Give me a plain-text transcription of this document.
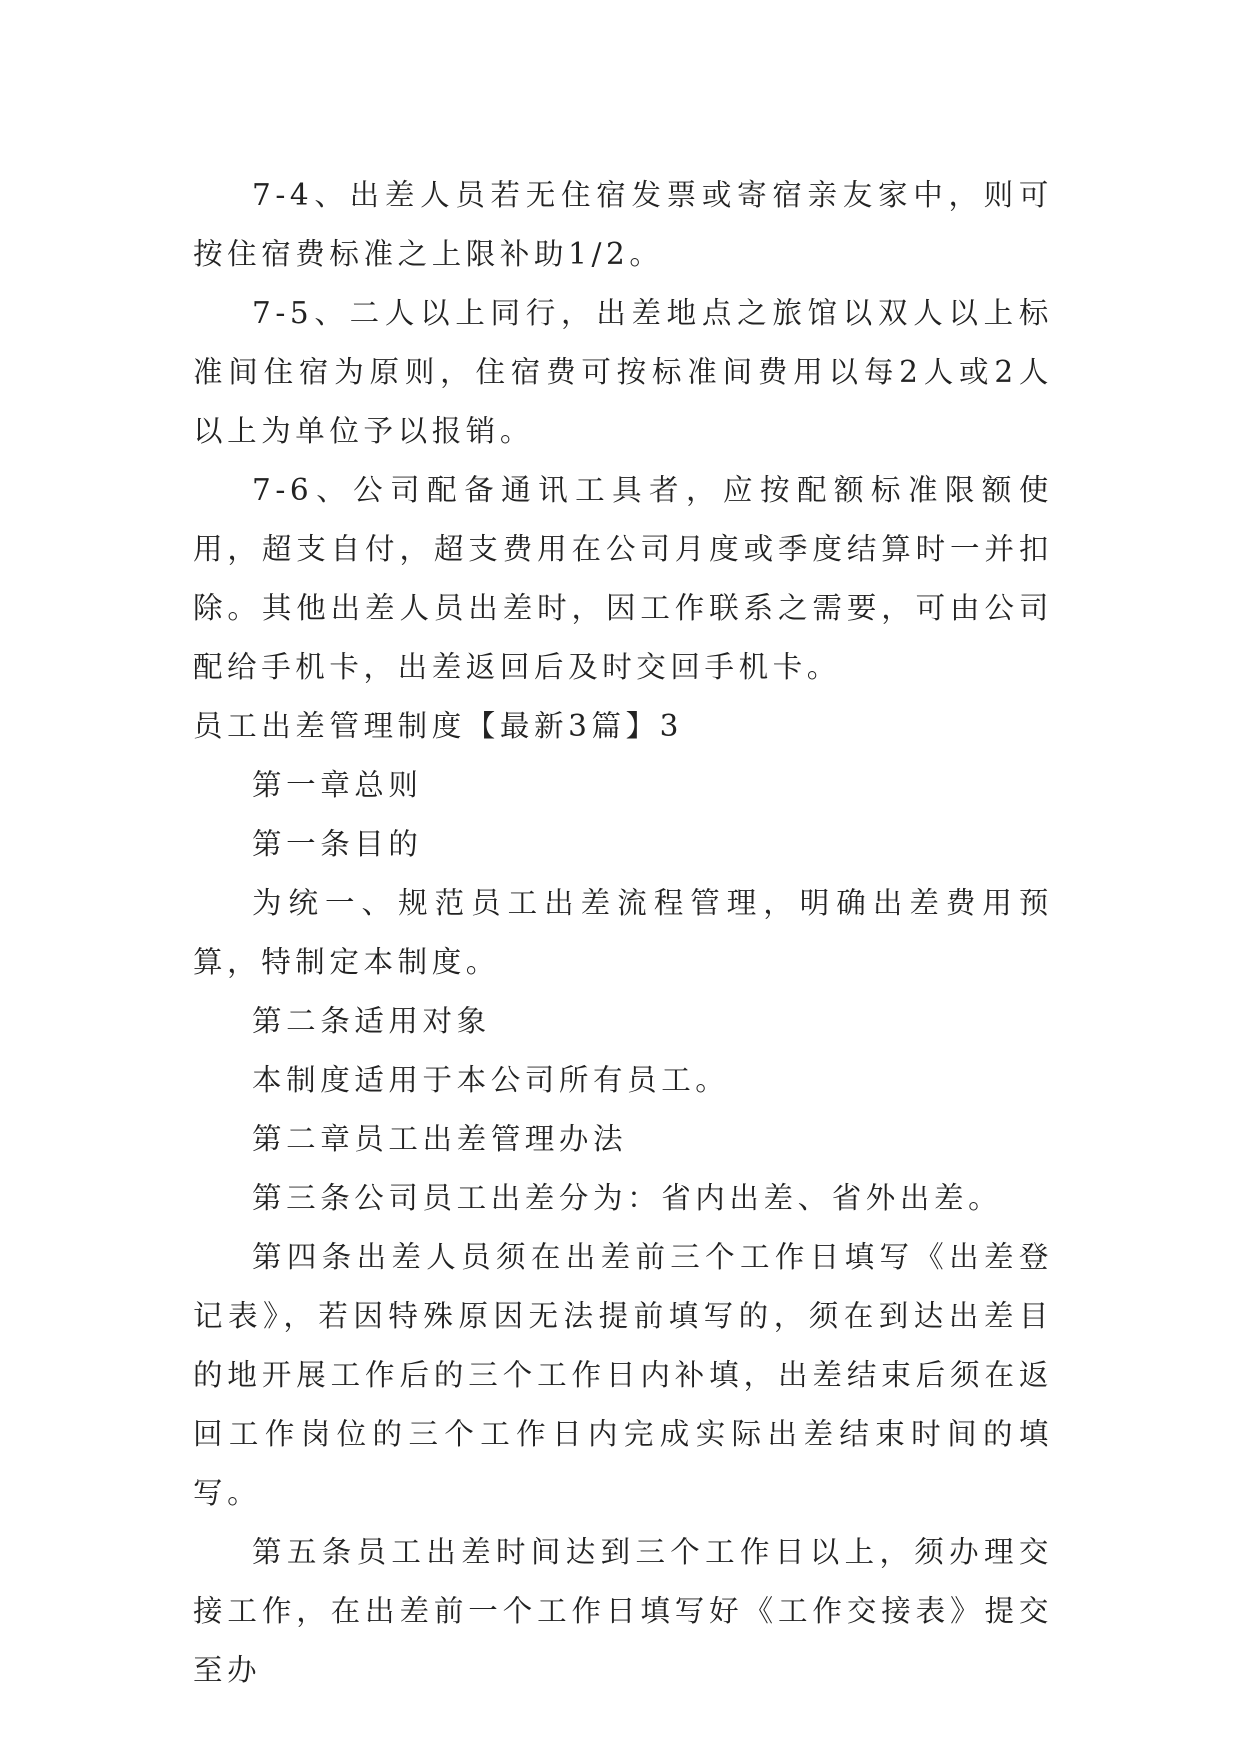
7-4、出差人员若无住宿发票或寄宿亲友家中，则可按住宿费标准之上限补助1/2。

7-5、二人以上同行，出差地点之旅馆以双人以上标准间住宿为原则，住宿费可按标准间费用以每2人或2人以上为单位予以报销。

7-6、公司配备通讯工具者，应按配额标准限额使用，超支自付，超支费用在公司月度或季度结算时一并扣除。其他出差人员出差时，因工作联系之需要，可由公司配给手机卡，出差返回后及时交回手机卡。

员工出差管理制度【最新3篇】3

第一章总则

第一条目的

为统一、规范员工出差流程管理，明确出差费用预算，特制定本制度。

第二条适用对象

本制度适用于本公司所有员工。

第二章员工出差管理办法

第三条公司员工出差分为：省内出差、省外出差。

第四条出差人员须在出差前三个工作日填写《出差登记表》，若因特殊原因无法提前填写的，须在到达出差目的地开展工作后的三个工作日内补填，出差结束后须在返回工作岗位的三个工作日内完成实际出差结束时间的填写。

第五条员工出差时间达到三个工作日以上，须办理交接工作，在出差前一个工作日填写好《工作交接表》提交至办
